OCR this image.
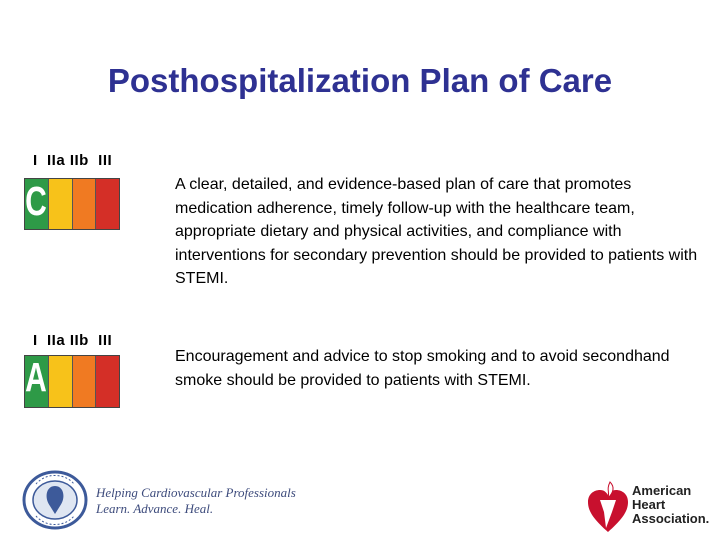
Posthospitalization Plan of Care
I  IIa IIb  III
C	A clear, detailed, and evidence-based plan of care that promotes medication adherence, timely follow-up with the healthcare team, appropriate dietary and physical activities, and compliance with interventions for secondary prevention should be provided to patients with STEMI.
I  IIa IIb  III
A	Encouragement and advice to stop smoking and to avoid secondhand smoke should be provided to patients with STEMI.
Helping Cardiovascular Professionals
Learn. Advance. Heal.
American
Heart
Association.
